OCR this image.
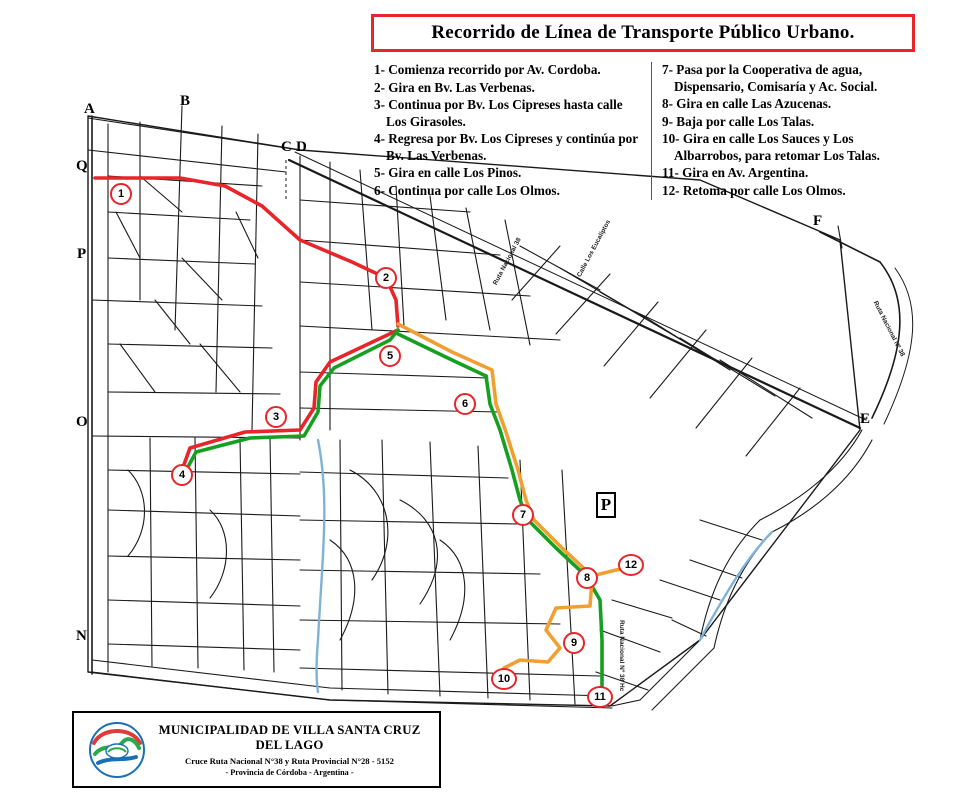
Recorrido de Línea de Transporte Público Urbano.
1- Comienza recorrido por Av. Cordoba.
2- Gira en Bv. Las Verbenas.
3- Continua por Bv. Los Cipreses hasta calle Los Girasoles.
4- Regresa por Bv. Los Cipreses y continúa por Bv. Las Verbenas.
5- Gira en calle Los Pinos.
6- Continua por calle Los Olmos.
7- Pasa por la Cooperativa de agua, Dispensario, Comisaría y Ac. Social.
8- Gira en calle Las Azucenas.
9- Baja por calle Los Talas.
10- Gira en calle Los Sauces y Los Albarrobos, para retomar Los Talas.
11- Gira en Av. Argentina.
12- Retoma por calle Los Olmos.
1
2
3
4
5
6
7
8
9
10
11
12
A	B
C D
F
E
Q
P
O
N
Ruta Nacional 38	Calle Los Eucaliptos
Ruta Nacional Nº 38
Ruta Nacional Nº 38 Hc
P
MUNICIPALIDAD DE VILLA SANTA CRUZ DEL LAGO
Cruce Ruta Nacional N°38 y Ruta Provincial N°28 - 5152
- Provincia de Córdoba - Argentina -
